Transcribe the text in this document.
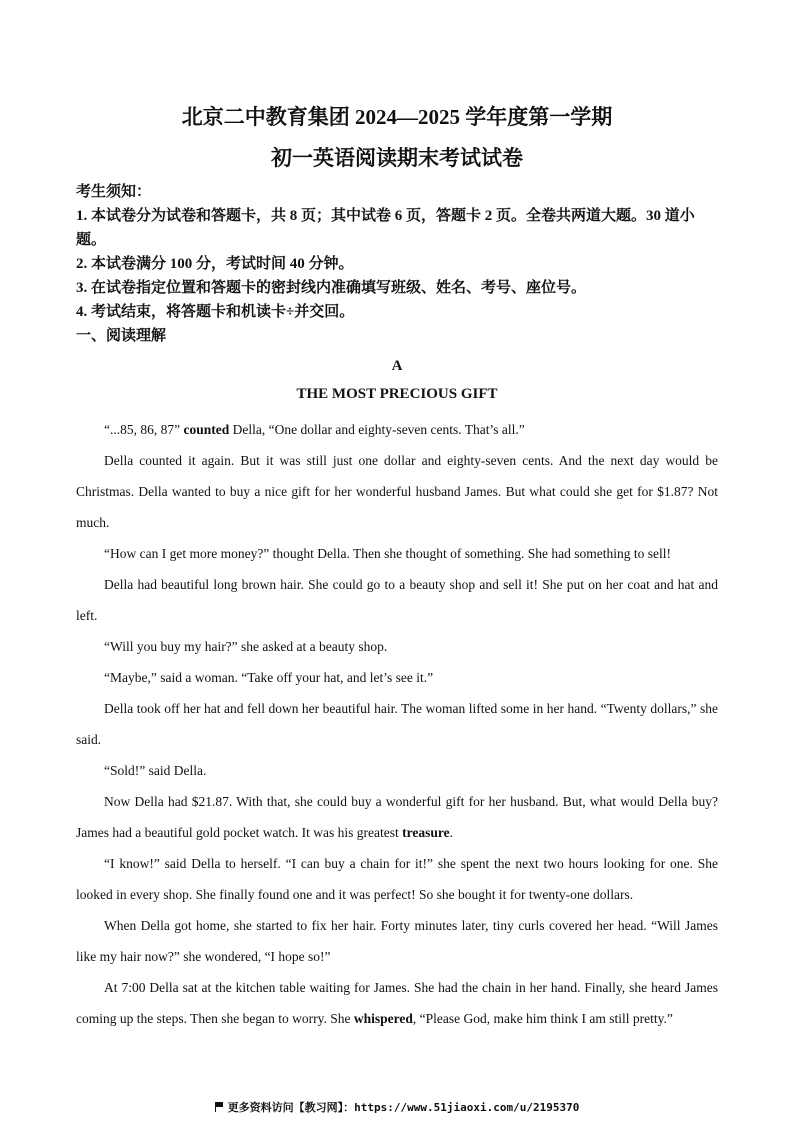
北京二中教育集团 2024—2025 学年度第一学期
初一英语阅读期末考试试卷
考生须知：
1. 本试卷分为试卷和答题卡，共 8 页；其中试卷 6 页，答题卡 2 页。全卷共两道大题。30 道小题。
2. 本试卷满分 100 分，考试时间 40 分钟。
3. 在试卷指定位置和答题卡的密封线内准确填写班级、姓名、考号、座位号。
4. 考试结束，将答题卡和机读卡÷并交回。
一、阅读理解
A
THE MOST PRECIOUS GIFT

“...85, 86, 87” counted Della, “One dollar and eighty-seven cents. That’s all.”

Della counted it again. But it was still just one dollar and eighty-seven cents. And the next day would be Christmas. Della wanted to buy a nice gift for her wonderful husband James. But what could she get for $1.87? Not much.

“How can I get more money?” thought Della. Then she thought of something. She had something to sell!

Della had beautiful long brown hair. She could go to a beauty shop and sell it! She put on her coat and hat and left.

“Will you buy my hair?” she asked at a beauty shop.

“Maybe,” said a woman. “Take off your hat, and let’s see it.”

Della took off her hat and fell down her beautiful hair. The woman lifted some in her hand. “Twenty dollars,” she said.

“Sold!” said Della.

Now Della had $21.87. With that, she could buy a wonderful gift for her husband. But, what would Della buy? James had a beautiful gold pocket watch. It was his greatest treasure.

“I know!” said Della to herself. “I can buy a chain for it!” she spent the next two hours looking for one. She looked in every shop. She finally found one and it was perfect! So she bought it for twenty-one dollars.

When Della got home, she started to fix her hair. Forty minutes later, tiny curls covered her head. “Will James like my hair now?” she wondered, “I hope so!”

At 7:00 Della sat at the kitchen table waiting for James. She had the chain in her hand. Finally, she heard James coming up the steps. Then she began to worry. She whispered, “Please God, make him think I am still pretty.”

更多资料访问【教习网】：https://www.51jiaoxi.com/u/2195370
